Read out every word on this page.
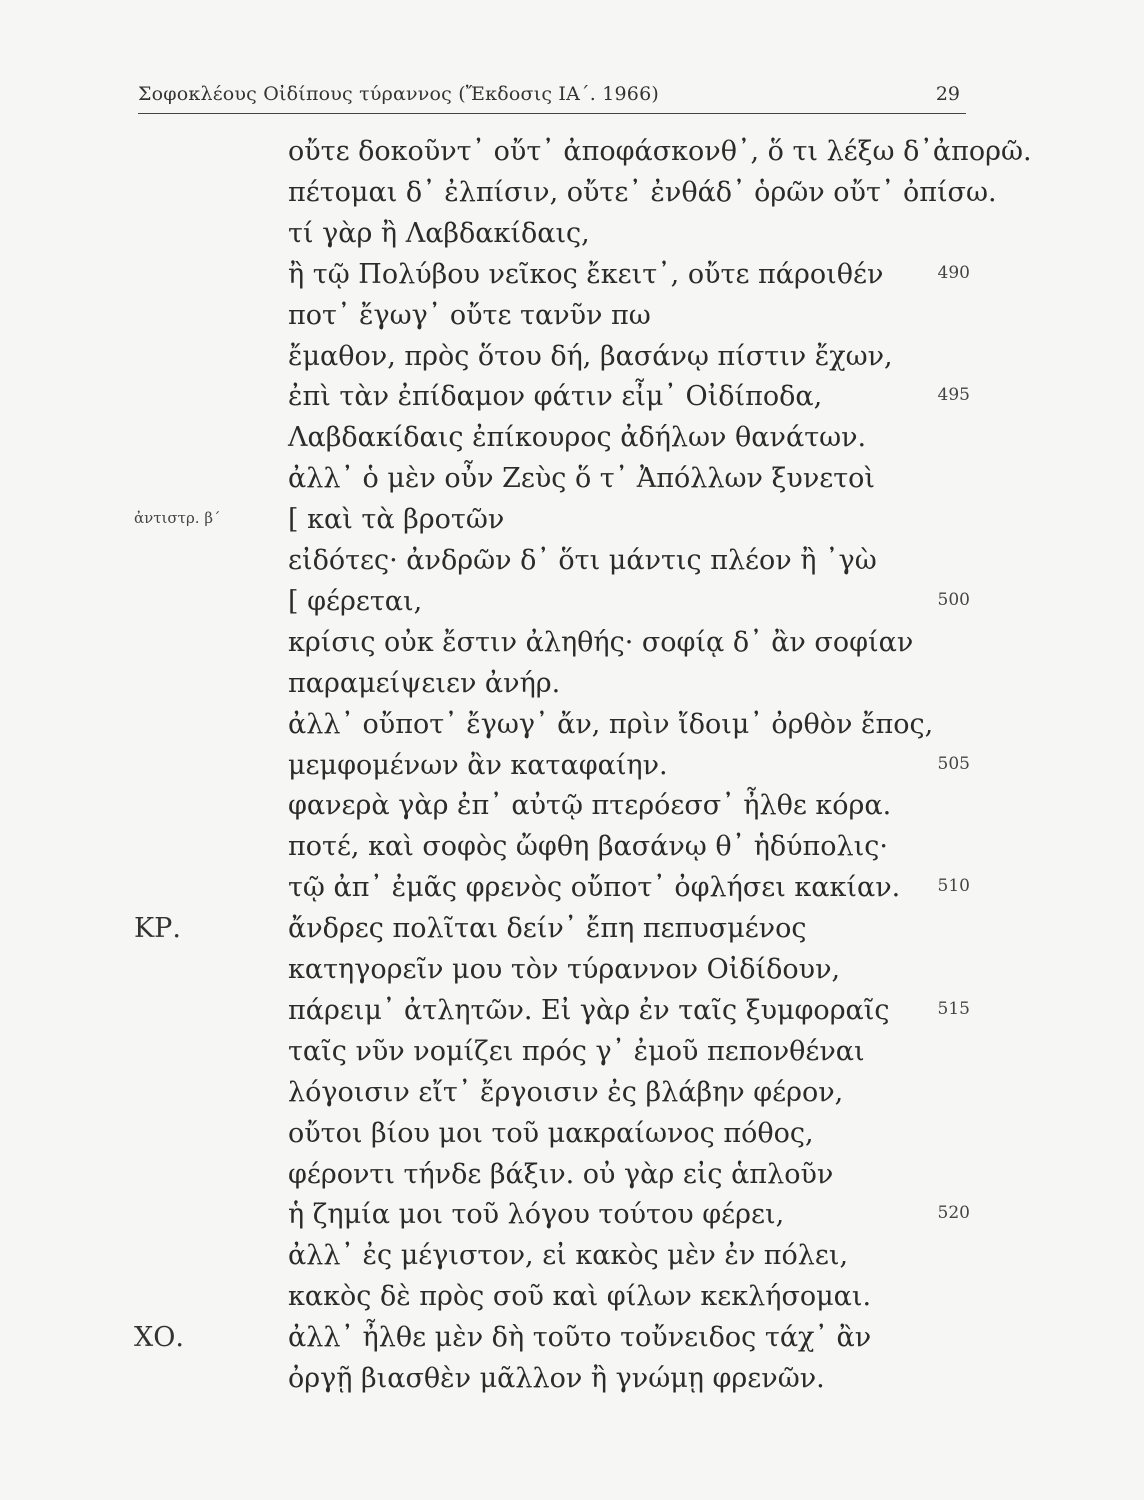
Σοφοκλέους Οἰδίπους τύραννος (Ἔκδοσις ΙΑ΄. 1966)	29
οὔτε δοκοῦντ᾽ οὔτ᾽ ἀποφάσκονθ᾽, ὅ τι λέξω δ᾽ἀπορῶ.
πέτομαι δ᾽ ἐλπίσιν, οὔτε᾽ ἐνθάδ᾽ ὁρῶν οὔτ᾽ ὀπίσω.
τί γὰρ ἢ Λαβδακίδαις,
ἢ τῷ Πολύβου νεῖκος ἔκειτ᾽, οὔτε πάροιθέν	490
ποτ᾽ ἔγωγ᾽ οὔτε τανῦν πω
ἔμαθον, πρὸς ὅτου δή, βασάνῳ πίστιν ἔχων,
ἐπὶ τὰν ἐπίδαμον φάτιν εἶμ᾽ Οἰδίποδα,	495
Λαβδακίδαις ἐπίκουρος ἀδήλων θανάτων.
ἀλλ᾽ ὁ μὲν οὖν Ζεὺς ὅ τ᾽ Ἀπόλλων ξυνετοὶ
[ καὶ τὰ βροτῶν
ἀντιστρ. β΄
εἰδότες· ἀνδρῶν δ᾽ ὅτι μάντις πλέον ἢ ᾽γὼ
[ φέρεται,	500
κρίσις οὐκ ἔστιν ἀληθής· σοφίᾳ δ᾽ ἂν σοφίαν
παραμείψειεν ἀνήρ.
ἀλλ᾽ οὔποτ᾽ ἔγωγ᾽ ἄν, πρὶν ἴδοιμ᾽ ὀρθὸν ἔπος,
μεμφομένων ἂν καταφαίην.	505
φανερὰ γὰρ ἐπ᾽ αὐτῷ πτερόεσσ᾽ ἦλθε κόρα.
ποτέ, καὶ σοφὸς ὤφθη βασάνῳ θ᾽ ἡδύπολις·
τῷ ἀπ᾽ ἐμᾶς φρενὸς οὔποτ᾽ ὀφλήσει κακίαν.	510
ἄνδρες πολῖται δείν᾽ ἔπη πεπυσμένος
ΚΡ.
κατηγορεῖν μου τὸν τύραννον Οἰδίδουν,
πάρειμ᾽ ἀτλητῶν. Εἰ γὰρ ἐν ταῖς ξυμφοραῖς	515
ταῖς νῦν νομίζει πρός γ᾽ ἐμοῦ πεπονθέναι
λόγοισιν εἴτ᾽ ἔργοισιν ἐς βλάβην φέρον,
οὔτοι βίου μοι τοῦ μακραίωνος πόθος,
φέροντι τήνδε βάξιν. οὐ γὰρ εἰς ἁπλοῦν
ἡ ζημία μοι τοῦ λόγου τούτου φέρει,	520
ἀλλ᾽ ἐς μέγιστον, εἰ κακὸς μὲν ἐν πόλει,
κακὸς δὲ πρὸς σοῦ καὶ φίλων κεκλήσομαι.
ἀλλ᾽ ἦλθε μὲν δὴ τοῦτο τοὔνειδος τάχ᾽ ἂν
ΧΟ.
ὀργῇ βιασθὲν μᾶλλον ἢ γνώμῃ φρενῶν.
